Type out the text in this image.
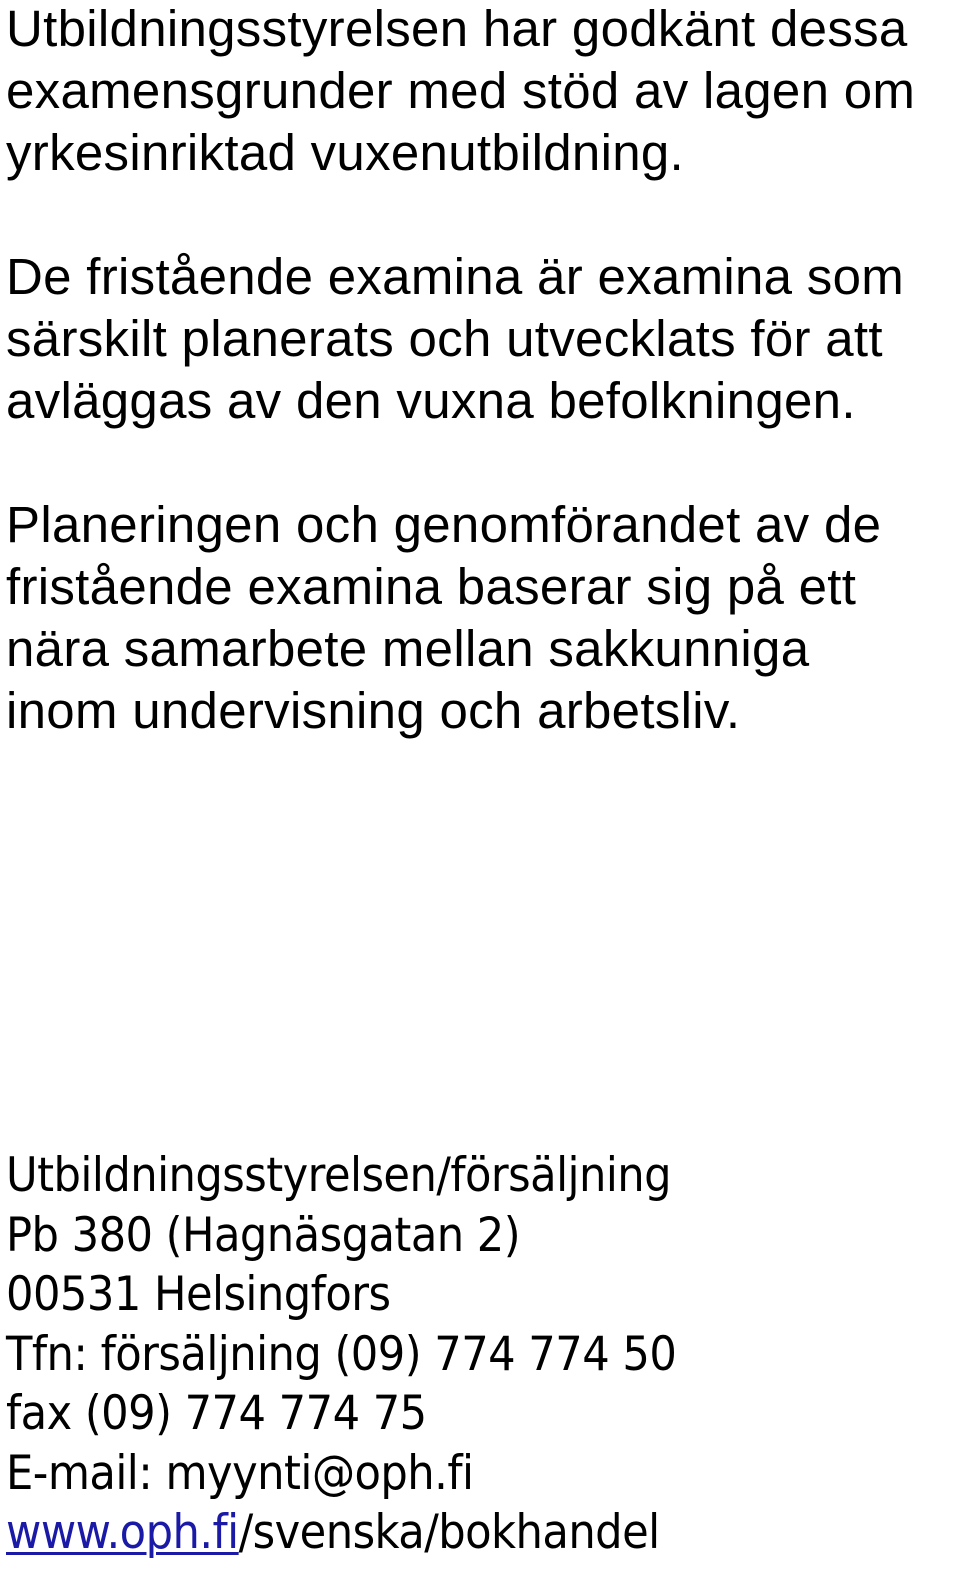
Utbildningsstyrelsen har godkänt dessa
examensgrunder med stöd av lagen om
yrkesinriktad vuxenutbildning.

De fristående examina är examina som
särskilt planerats och utvecklats för att
avläggas av den vuxna befolkningen.

Planeringen och genomförandet av de
fristående examina baserar sig på ett
nära samarbete mellan sakkunniga
inom undervisning och arbetsliv.

Utbildningsstyrelsen/försäljning
Pb 380 (Hagnäsgatan 2)
00531 Helsingfors
Tfn: försäljning (09) 774 774 50
fax (09) 774 774 75
E-mail: myynti@oph.fi
www.oph.fi/svenska/bokhandel
